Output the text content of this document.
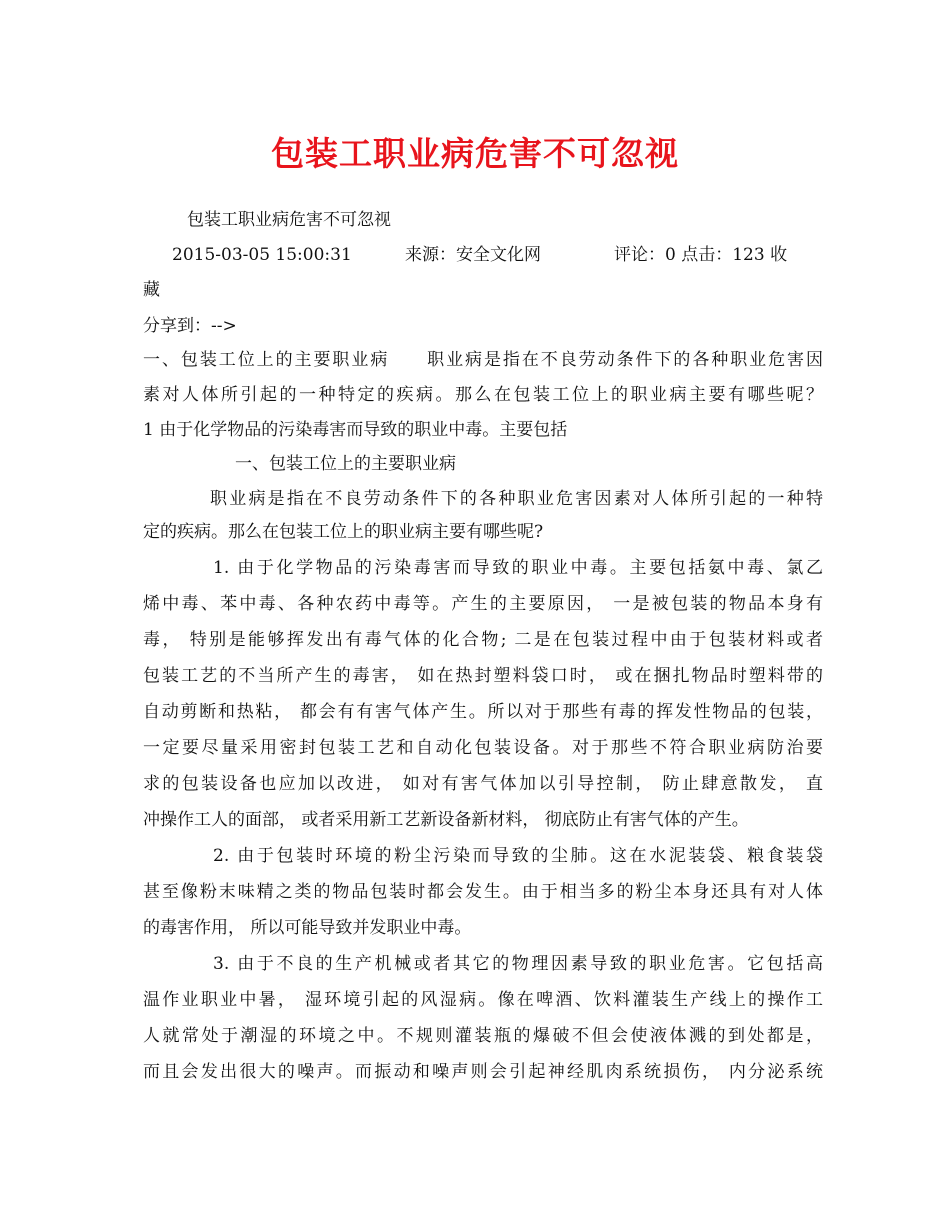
包装工职业病危害不可忽视
包装工职业病危害不可忽视
2015-03-05 15:00:31	来源：安全文化网	评论：0 点击：123 收
藏
分享到：-->
一、包装工位上的主要职业病　　职业病是指在不良劳动条件下的各种职业危害因
素对人体所引起的一种特定的疾病。那么在包装工位上的职业病主要有哪些呢？
1 由于化学物品的污染毒害而导致的职业中毒。主要包括
一、包装工位上的主要职业病
职业病是指在不良劳动条件下的各种职业危害因素对人体所引起的一种特
定的疾病。那么在包装工位上的职业病主要有哪些呢?
1. 由于化学物品的污染毒害而导致的职业中毒。主要包括氨中毒、氯乙
烯中毒、苯中毒、各种农药中毒等。产生的主要原因， 一是被包装的物品本身有
毒， 特别是能够挥发出有毒气体的化合物; 二是在包装过程中由于包装材料或者
包装工艺的不当所产生的毒害， 如在热封塑料袋口时， 或在捆扎物品时塑料带的
自动剪断和热粘， 都会有有害气体产生。所以对于那些有毒的挥发性物品的包装，
一定要尽量采用密封包装工艺和自动化包装设备。对于那些不符合职业病防治要
求的包装设备也应加以改进， 如对有害气体加以引导控制， 防止肆意散发， 直
冲操作工人的面部， 或者采用新工艺新设备新材料， 彻底防止有害气体的产生。
2. 由于包装时环境的粉尘污染而导致的尘肺。这在水泥装袋、粮食装袋
甚至像粉末味精之类的物品包装时都会发生。由于相当多的粉尘本身还具有对人体
的毒害作用， 所以可能导致并发职业中毒。
3. 由于不良的生产机械或者其它的物理因素导致的职业危害。它包括高
温作业职业中暑， 湿环境引起的风湿病。像在啤酒、饮料灌装生产线上的操作工
人就常处于潮湿的环境之中。不规则灌装瓶的爆破不但会使液体溅的到处都是，
而且会发出很大的噪声。而振动和噪声则会引起神经肌肉系统损伤， 内分泌系统
